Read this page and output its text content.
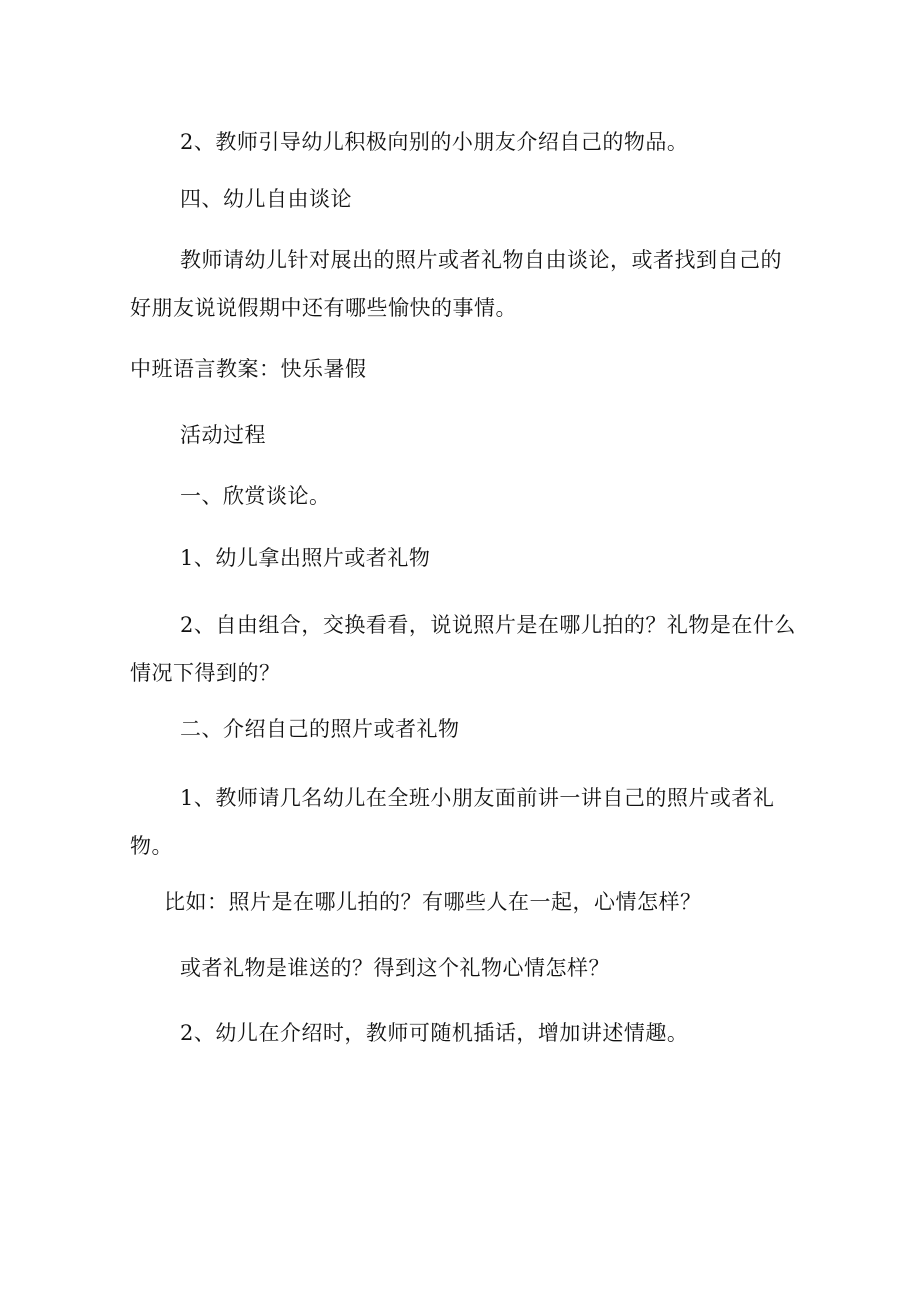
2、教师引导幼儿积极向别的小朋友介绍自己的物品。
四、幼儿自由谈论
教师请幼儿针对展出的照片或者礼物自由谈论，或者找到自己的
好朋友说说假期中还有哪些愉快的事情。
中班语言教案：快乐暑假
活动过程
一、欣赏谈论。
1、幼儿拿出照片或者礼物
2、自由组合，交换看看，说说照片是在哪儿拍的？礼物是在什么
情况下得到的？
二、介绍自己的照片或者礼物
1、教师请几名幼儿在全班小朋友面前讲一讲自己的照片或者礼
物。
比如：照片是在哪儿拍的？有哪些人在一起，心情怎样？
或者礼物是谁送的？得到这个礼物心情怎样？
2、幼儿在介绍时，教师可随机插话，增加讲述情趣。
